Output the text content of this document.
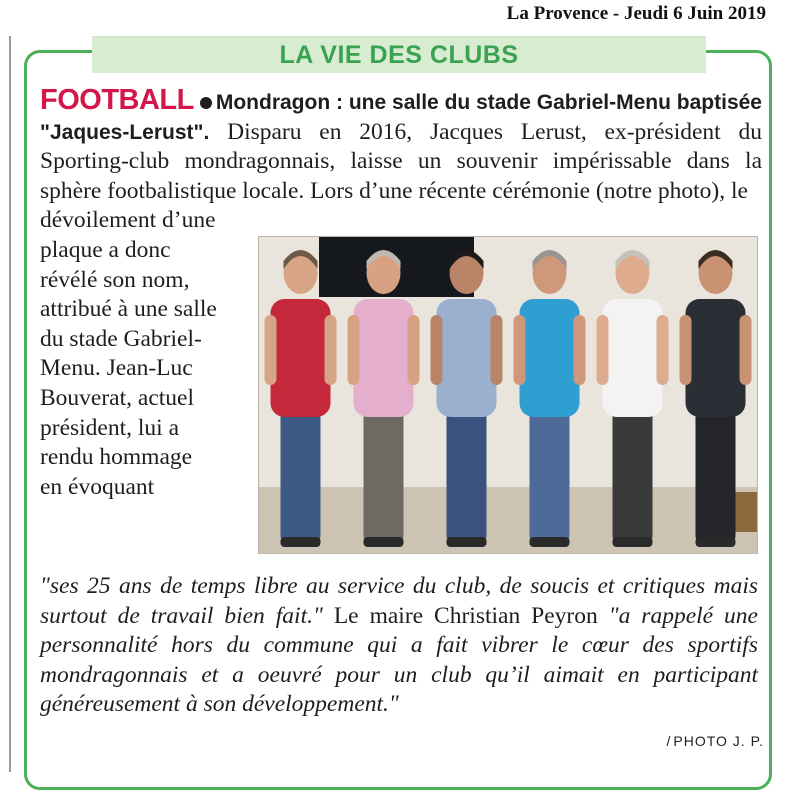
La Provence - Jeudi 6 Juin 2019
LA VIE DES CLUBS

FOOTBALL Mondragon : une salle du stade Gabriel-Menu baptisée "Jaques-Lerust". Disparu en 2016, Jacques Lerust, ex-président du Sporting-club mondragonnais, laisse un souvenir impérissable dans la sphère footbalistique locale. Lors d’une récente cérémonie (notre photo), le

dévoilement d’une plaque a donc révélé son nom, attribué à une salle du stade Gabriel-Menu. Jean-Luc Bouverat, actuel président, lui a rendu hommage en évoquant

"ses 25 ans de temps libre au service du club, de soucis et critiques mais surtout de travail bien fait." Le maire Christian Peyron "a rappelé une personnalité hors du commune qui a fait vibrer le cœur des sportifs mondragonnais et a oeuvré pour un club qu’il aimait en participant généreusement à son développement."

/ PHOTO J. P.
